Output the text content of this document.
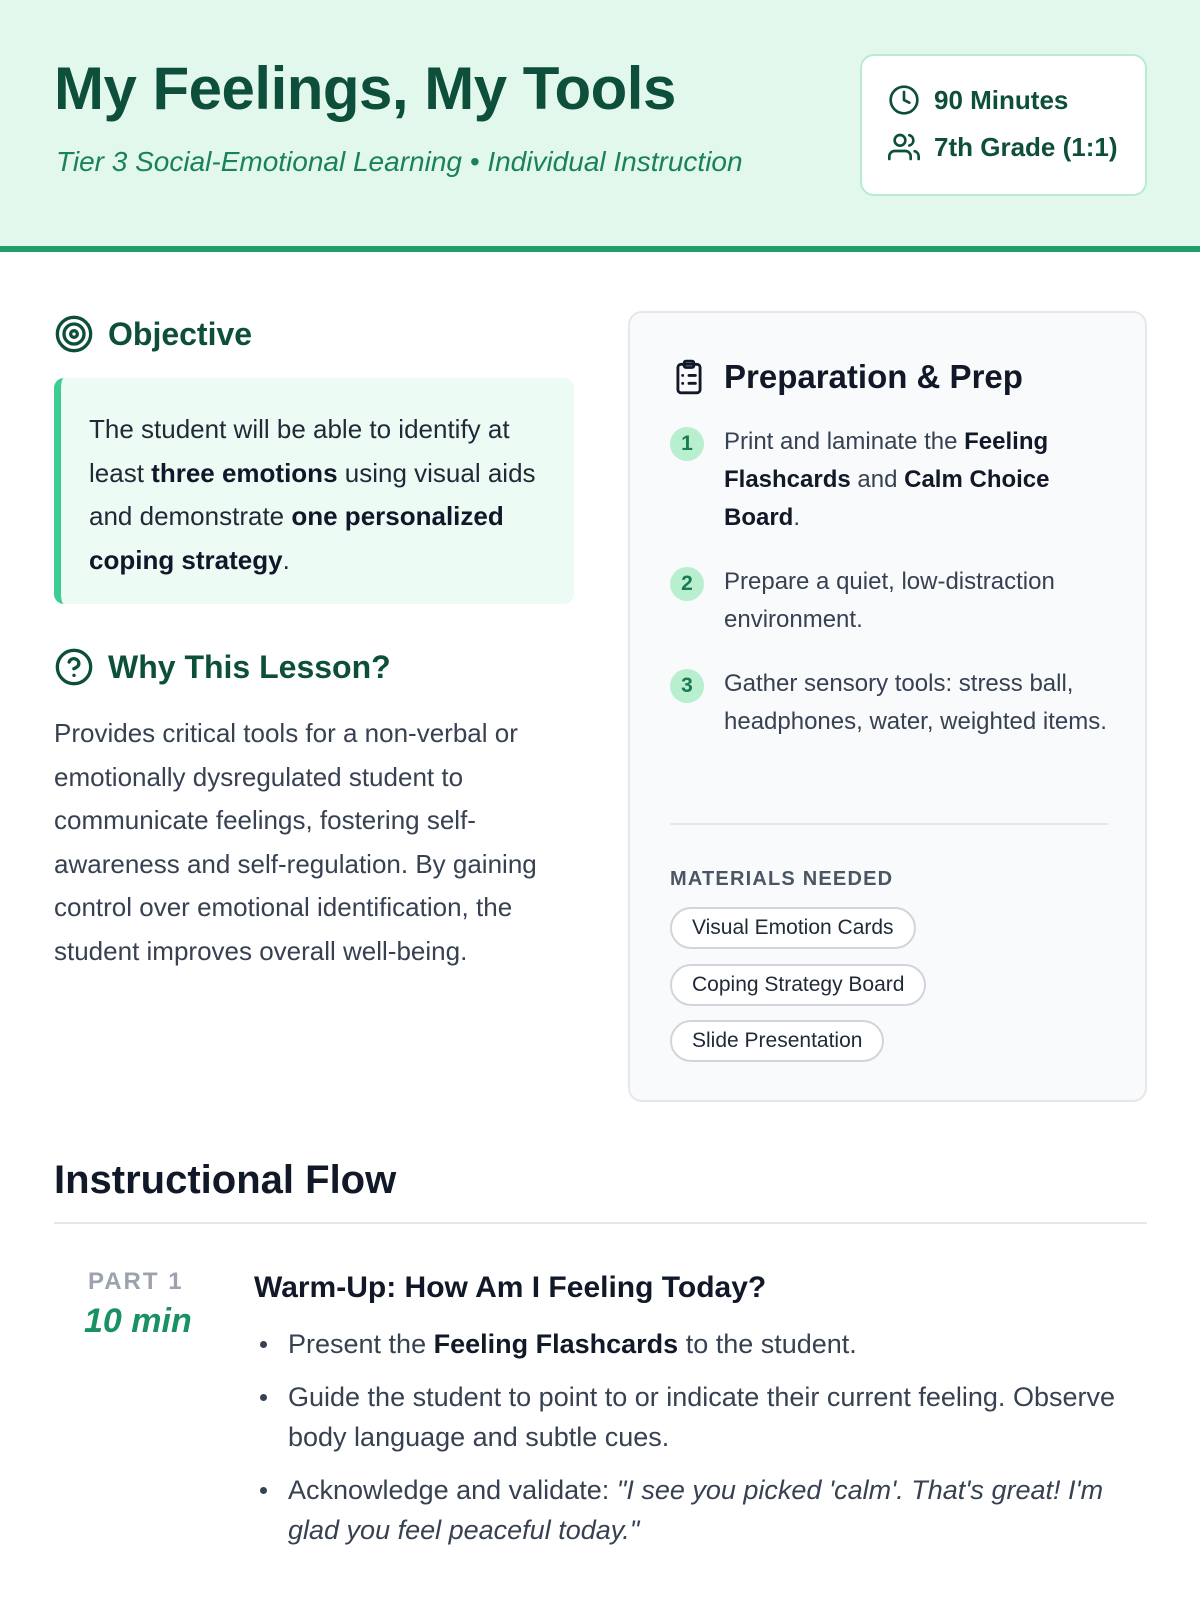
My Feelings, My Tools
Tier 3 Social-Emotional Learning • Individual Instruction
90 Minutes
7th Grade (1:1)
Objective

The student will be able to identify at least three emotions using visual aids and demonstrate one personalized coping strategy.

Why This Lesson?

Provides critical tools for a non-verbal or emotionally dysregulated student to communicate feelings, fostering self-awareness and self-regulation. By gaining control over emotional identification, the student improves overall well-being.

Preparation & Prep
1	Print and laminate the Feeling Flashcards and Calm Choice Board.
2	Prepare a quiet, low-distraction environment.
3	Gather sensory tools: stress ball, headphones, water, weighted items.
MATERIALS NEEDED
Visual Emotion Cards
Coping Strategy Board
Slide Presentation
Instructional Flow
PART 1
10 min
Warm-Up: How Am I Feeling Today?
Present the Feeling Flashcards to the student.
Guide the student to point to or indicate their current feeling. Observe body language and subtle cues.
Acknowledge and validate: "I see you picked 'calm'. That's great! I'm glad you feel peaceful today."
